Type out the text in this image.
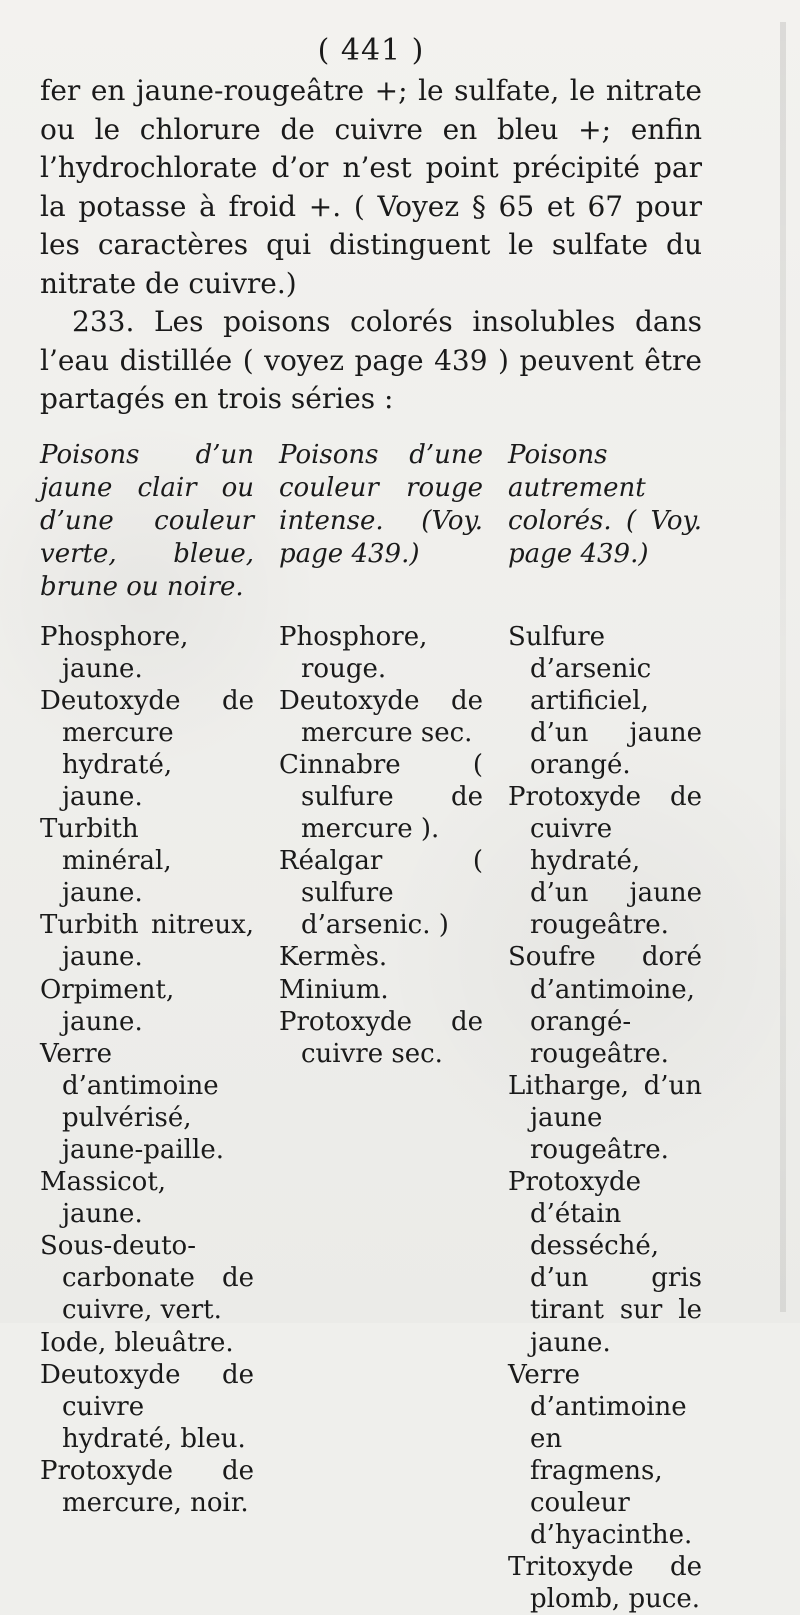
( 441 )

fer en jaune-rougeâtre +; le sulfate, le nitrate ou le chlorure de cuivre en bleu +; enfin l’hydrochlorate d’or n’est point précipité par la potasse à froid +. ( Voyez § 65 et 67 pour les caractères qui distinguent le sulfate du nitrate de cuivre.)

233. Les poisons colorés insolubles dans l’eau distillée ( voyez page 439 ) peuvent être partagés en trois séries :

Poisons d’un jaune clair ou d’une couleur verte, bleue, brune ou noire.
Poisons d’une couleur rouge intense. (Voy. page 439.)
Poisons autrement colorés. ( Voy. page 439.)

Phosphore, jaune.

Deutoxyde de mercure hydraté, jaune.

Turbith minéral, jaune.

Turbith nitreux, jaune.

Orpiment, jaune.

Verre d’antimoine pulvérisé, jaune-paille.

Massicot, jaune.

Sous-deuto-carbonate de cuivre, vert.

Iode, bleuâtre.

Deutoxyde de cuivre hydraté, bleu.

Protoxyde de mercure, noir.

Phosphore, rouge.

Deutoxyde de mercure sec.

Cinnabre ( sulfure de mercure ).

Réalgar ( sulfure d’arsenic. )

Kermès.

Minium.

Protoxyde de cuivre sec.

Sulfure d’arsenic artificiel, d’un jaune orangé.

Protoxyde de cuivre hydraté, d’un jaune rougeâtre.

Soufre doré d’antimoine, orangé-rougeâtre.

Litharge, d’un jaune rougeâtre.

Protoxyde d’étain desséché, d’un gris tirant sur le jaune.

Verre d’antimoine en fragmens, couleur d’hyacinthe.

Tritoxyde de plomb, puce.
